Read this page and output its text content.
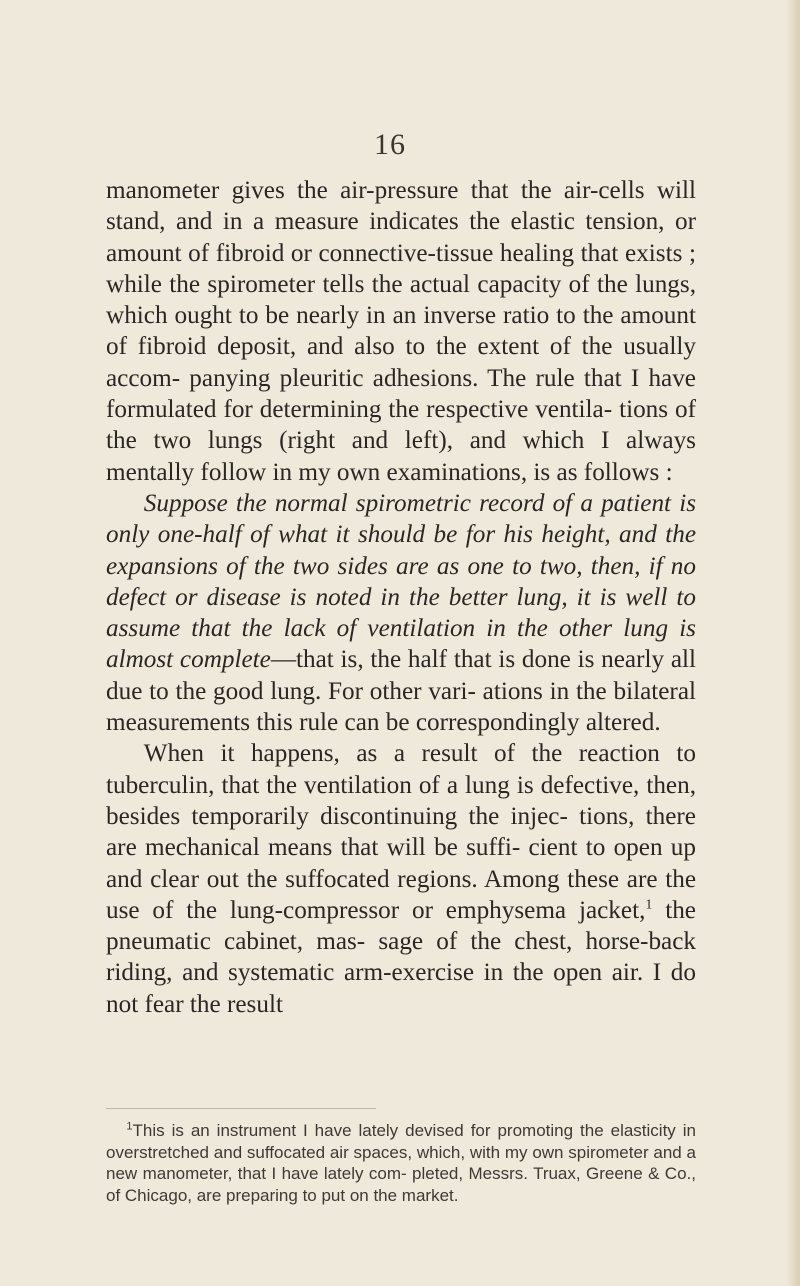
16

manometer gives the air-pressure that the air-cells will stand, and in a measure indicates the elastic tension, or amount of fibroid or connective-tissue healing that exists ; while the spirometer tells the actual capacity of the lungs, which ought to be nearly in an inverse ratio to the amount of fibroid deposit, and also to the extent of the usually accom- panying pleuritic adhesions. The rule that I have formulated for determining the respective ventila- tions of the two lungs (right and left), and which I always mentally follow in my own examinations, is as follows :

Suppose the normal spirometric record of a patient is only one-half of what it should be for his height, and the expansions of the two sides are as one to two, then, if no defect or disease is noted in the better lung, it is well to assume that the lack of ventilation in the other lung is almost complete—that is, the half that is done is nearly all due to the good lung. For other vari- ations in the bilateral measurements this rule can be correspondingly altered.

When it happens, as a result of the reaction to tuberculin, that the ventilation of a lung is defective, then, besides temporarily discontinuing the injec- tions, there are mechanical means that will be suffi- cient to open up and clear out the suffocated regions. Among these are the use of the lung-compressor or emphysema jacket,$^1$ the pneumatic cabinet, mas- sage of the chest, horse-back riding, and systematic arm-exercise in the open air. I do not fear the result

$^1$This is an instrument I have lately devised for promoting the elasticity in overstretched and suffocated air spaces, which, with my own spirometer and a new manometer, that I have lately com- pleted, Messrs. Truax, Greene & Co., of Chicago, are preparing to put on the market.
